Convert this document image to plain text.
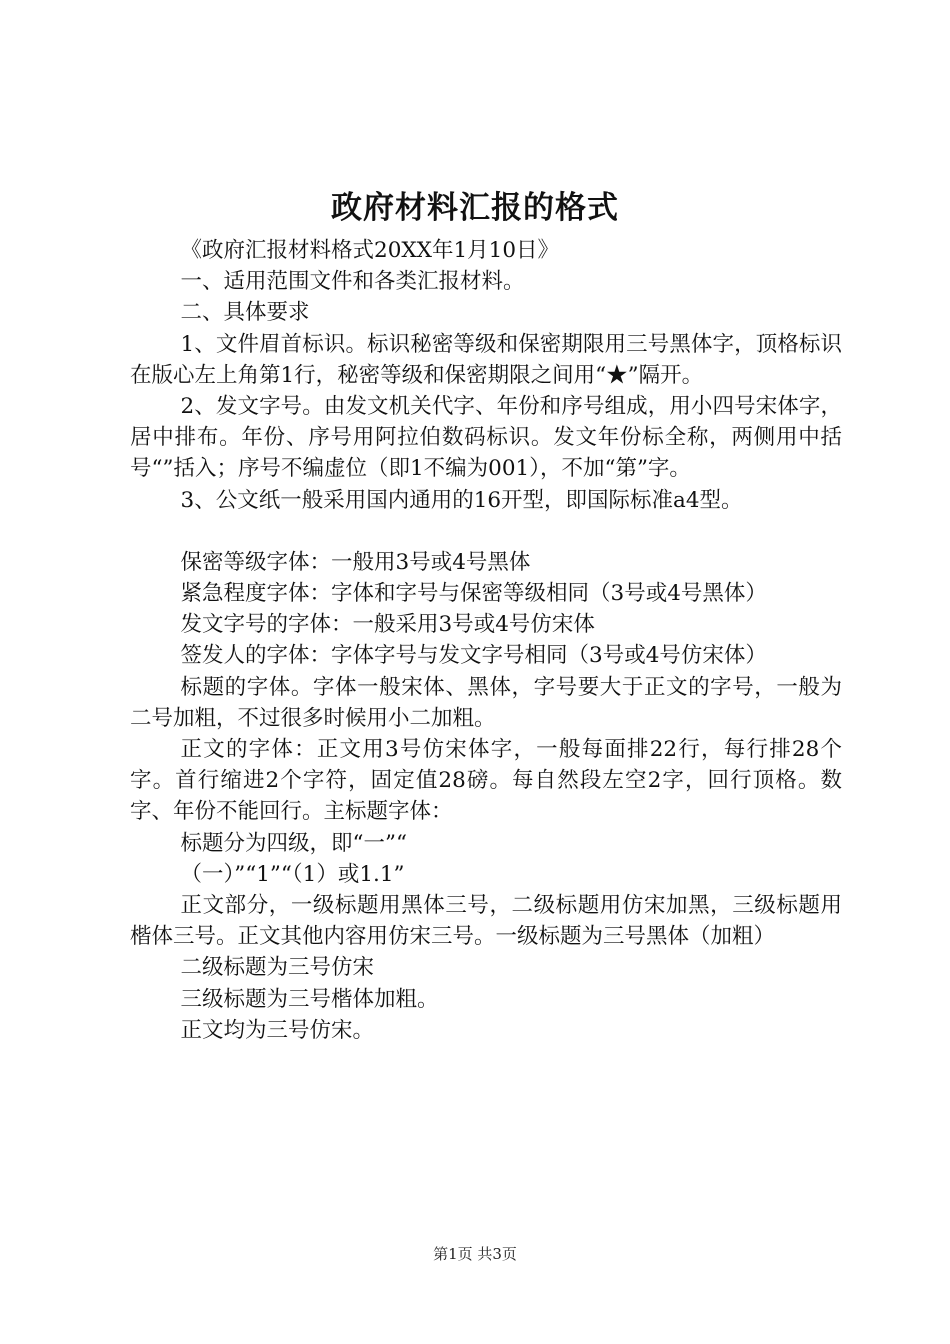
政府材料汇报的格式

《政府汇报材料格式20XX年1月10日》

一、适用范围文件和各类汇报材料。

二、具体要求

1、文件眉首标识。标识秘密等级和保密期限用三号黑体字，顶格标识在版心左上角第1行，秘密等级和保密期限之间用“★”隔开。

2、发文字号。由发文机关代字、年份和序号组成，用小四号宋体字，居中排布。年份、序号用阿拉伯数码标识。发文年份标全称，两侧用中括号“”括入；序号不编虚位（即1不编为001），不加“第”字。

3、公文纸一般采用国内通用的16开型，即国际标准a4型。

保密等级字体：一般用3号或4号黑体

紧急程度字体：字体和字号与保密等级相同（3号或4号黑体）

发文字号的字体：一般采用3号或4号仿宋体

签发人的字体：字体字号与发文字号相同（3号或4号仿宋体）

标题的字体。字体一般宋体、黑体，字号要大于正文的字号，一般为二号加粗，不过很多时候用小二加粗。

正文的字体：正文用3号仿宋体字，一般每面排22行，每行排28个字。首行缩进2个字符，固定值28磅。每自然段左空2字，回行顶格。数字、年份不能回行。主标题字体：

标题分为四级，即“一”“

（一）”“1”“（1）或1.1”

正文部分，一级标题用黑体三号，二级标题用仿宋加黑，三级标题用楷体三号。正文其他内容用仿宋三号。一级标题为三号黑体（加粗）

二级标题为三号仿宋

三级标题为三号楷体加粗。

正文均为三号仿宋。

第1页 共3页
